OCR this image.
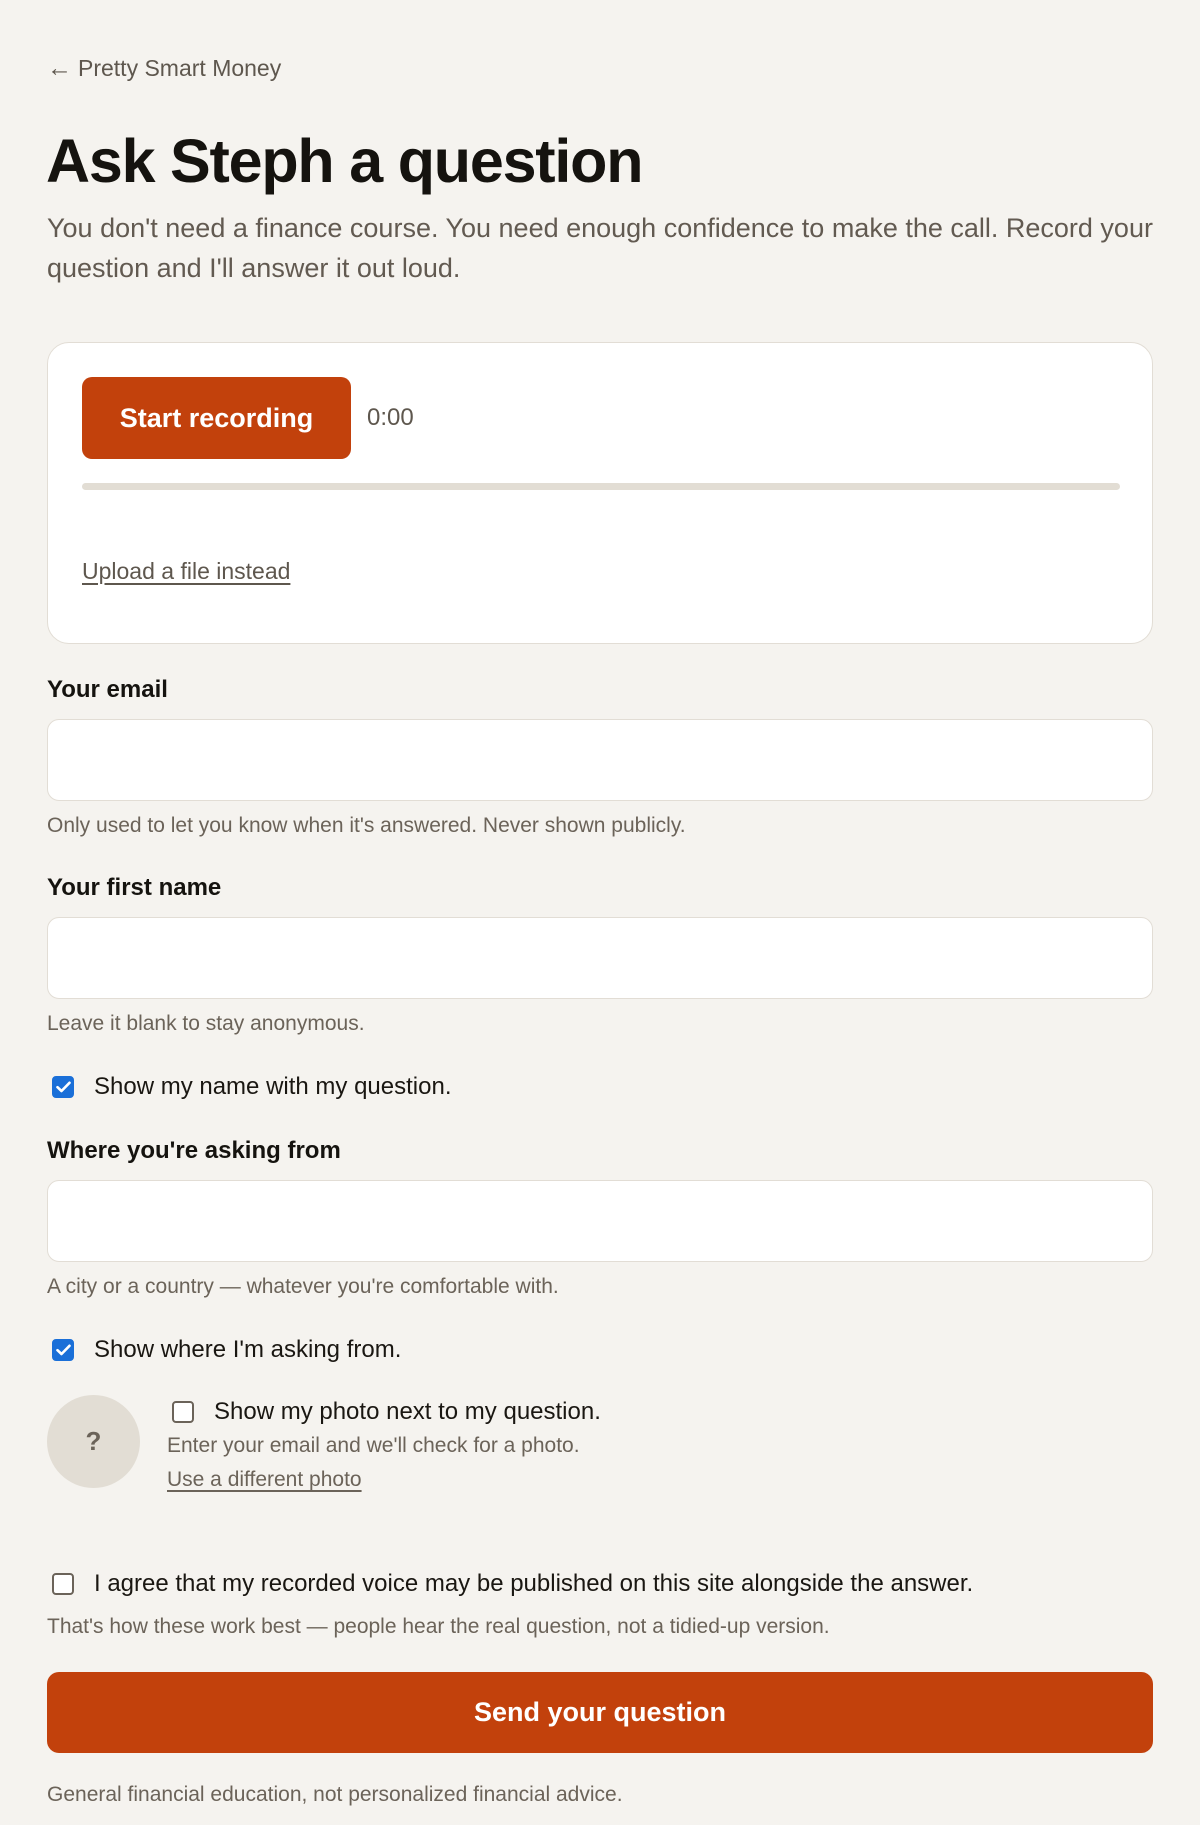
← Pretty Smart Money
Ask Steph a question

You don't need a finance course. You need enough confidence to make the call. Record your question and I'll answer it out loud.

Start recording	0:00
Upload a file instead
Your email
Only used to let you know when it's answered. Never shown publicly.
Your first name
Leave it blank to stay anonymous.
Show my name with my question.
Where you're asking from
A city or a country — whatever you're comfortable with.
Show where I'm asking from.
?
Show my photo next to my question.
Enter your email and we'll check for a photo.
Use a different photo
I agree that my recorded voice may be published on this site alongside the answer.
That's how these work best — people hear the real question, not a tidied-up version.
Send your question
General financial education, not personalized financial advice.
